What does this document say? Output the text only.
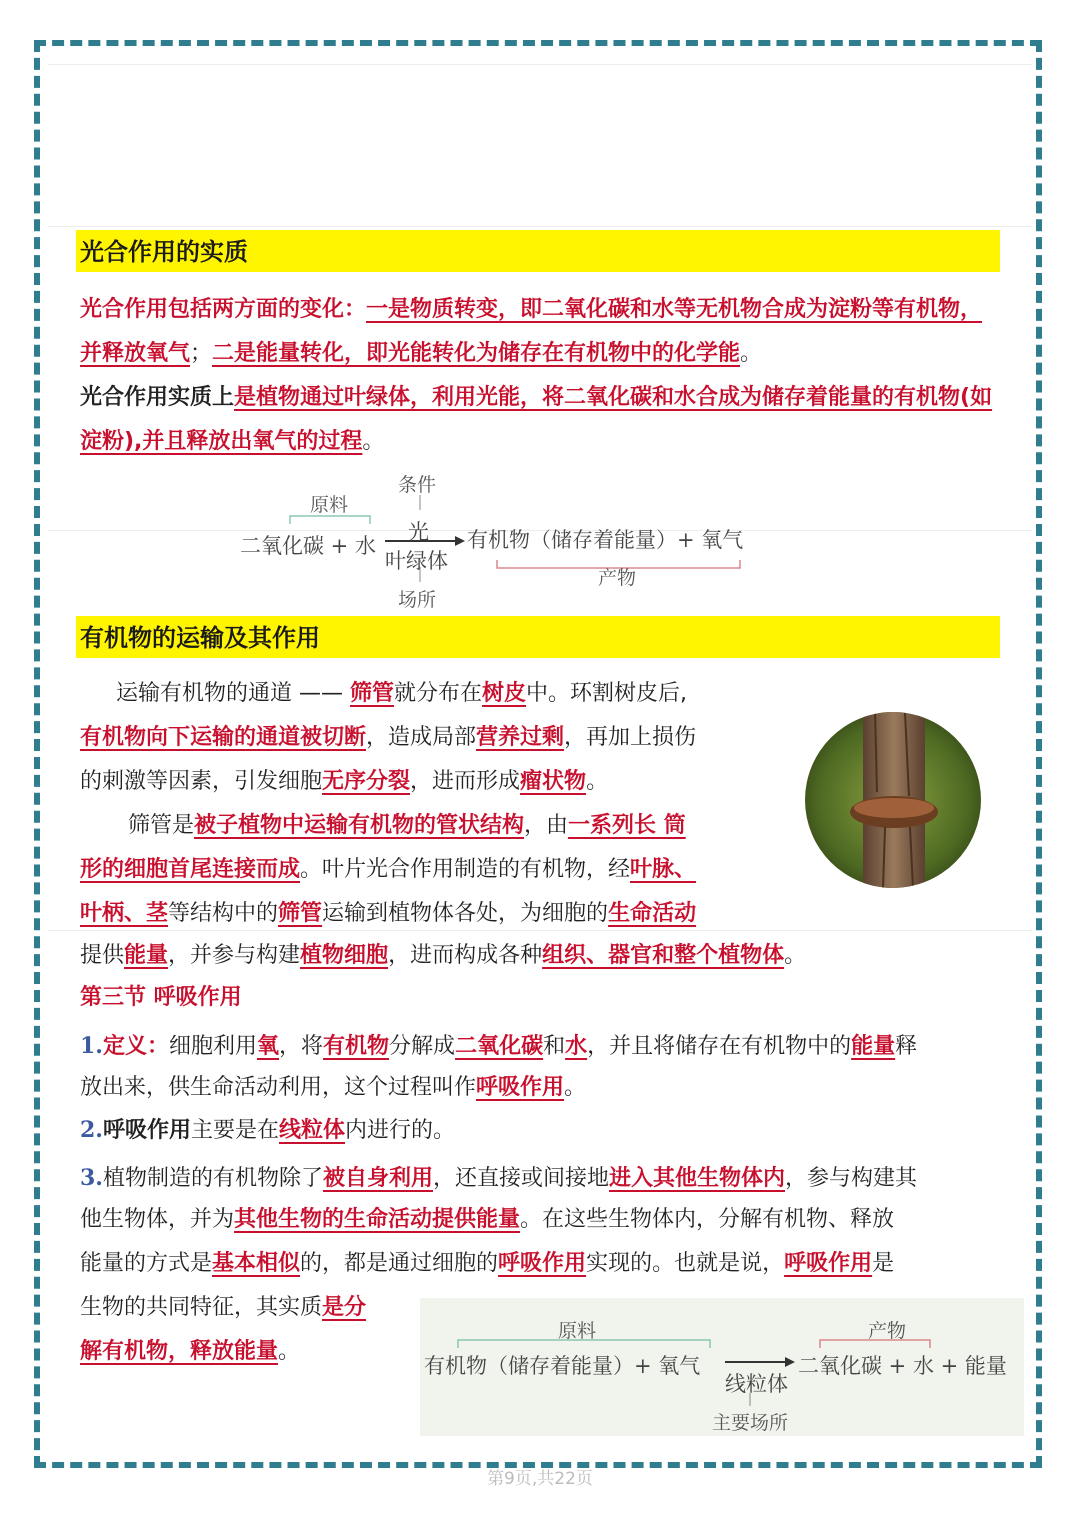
光合作用的实质
光合作用包括两方面的变化：一是物质转变，即二氧化碳和水等无机物合成为淀粉等有机物，并释放氧气；二是能量转化，即光能转化为储存在有机物中的化学能。
光合作用实质上是植物通过叶绿体，利用光能，将二氧化碳和水合成为储存着能量的有机物(如淀粉),并且释放出氧气的过程。
条件
原料
二氧化碳 + 水
光
叶绿体
有机物（储存着能量）+ 氧气
产物
场所
有机物的运输及其作用
运输有机物的通道 —— 筛管就分布在树皮中。环割树皮后,
有机物向下运输的通道被切断，造成局部营养过剩，再加上损伤
的刺激等因素，引发细胞无序分裂，进而形成瘤状物。
筛管是被子植物中运输有机物的管状结构，由一系列长 筒
形的细胞首尾连接而成。叶片光合作用制造的有机物，经叶脉、
叶柄、茎等结构中的筛管运输到植物体各处，为细胞的生命活动
提供能量，并参与构建植物细胞，进而构成各种组织、器官和整个植物体。
第三节 呼吸作用
1.定义：细胞利用氧，将有机物分解成二氧化碳和水，并且将储存在有机物中的能量释
放出来，供生命活动利用，这个过程叫作呼吸作用。
2.呼吸作用主要是在线粒体内进行的。
3.植物制造的有机物除了被自身利用，还直接或间接地进入其他生物体内，参与构建其
他生物体，并为其他生物的生命活动提供能量。在这些生物体内，分解有机物、释放
能量的方式是基本相似的，都是通过细胞的呼吸作用实现的。也就是说，呼吸作用是
生物的共同特征，其实质是分
解有机物，释放能量。
原料	产物
有机物（储存着能量）+ 氧气	二氧化碳 + 水 + 能量
线粒体
主要场所
第9页,共22页
